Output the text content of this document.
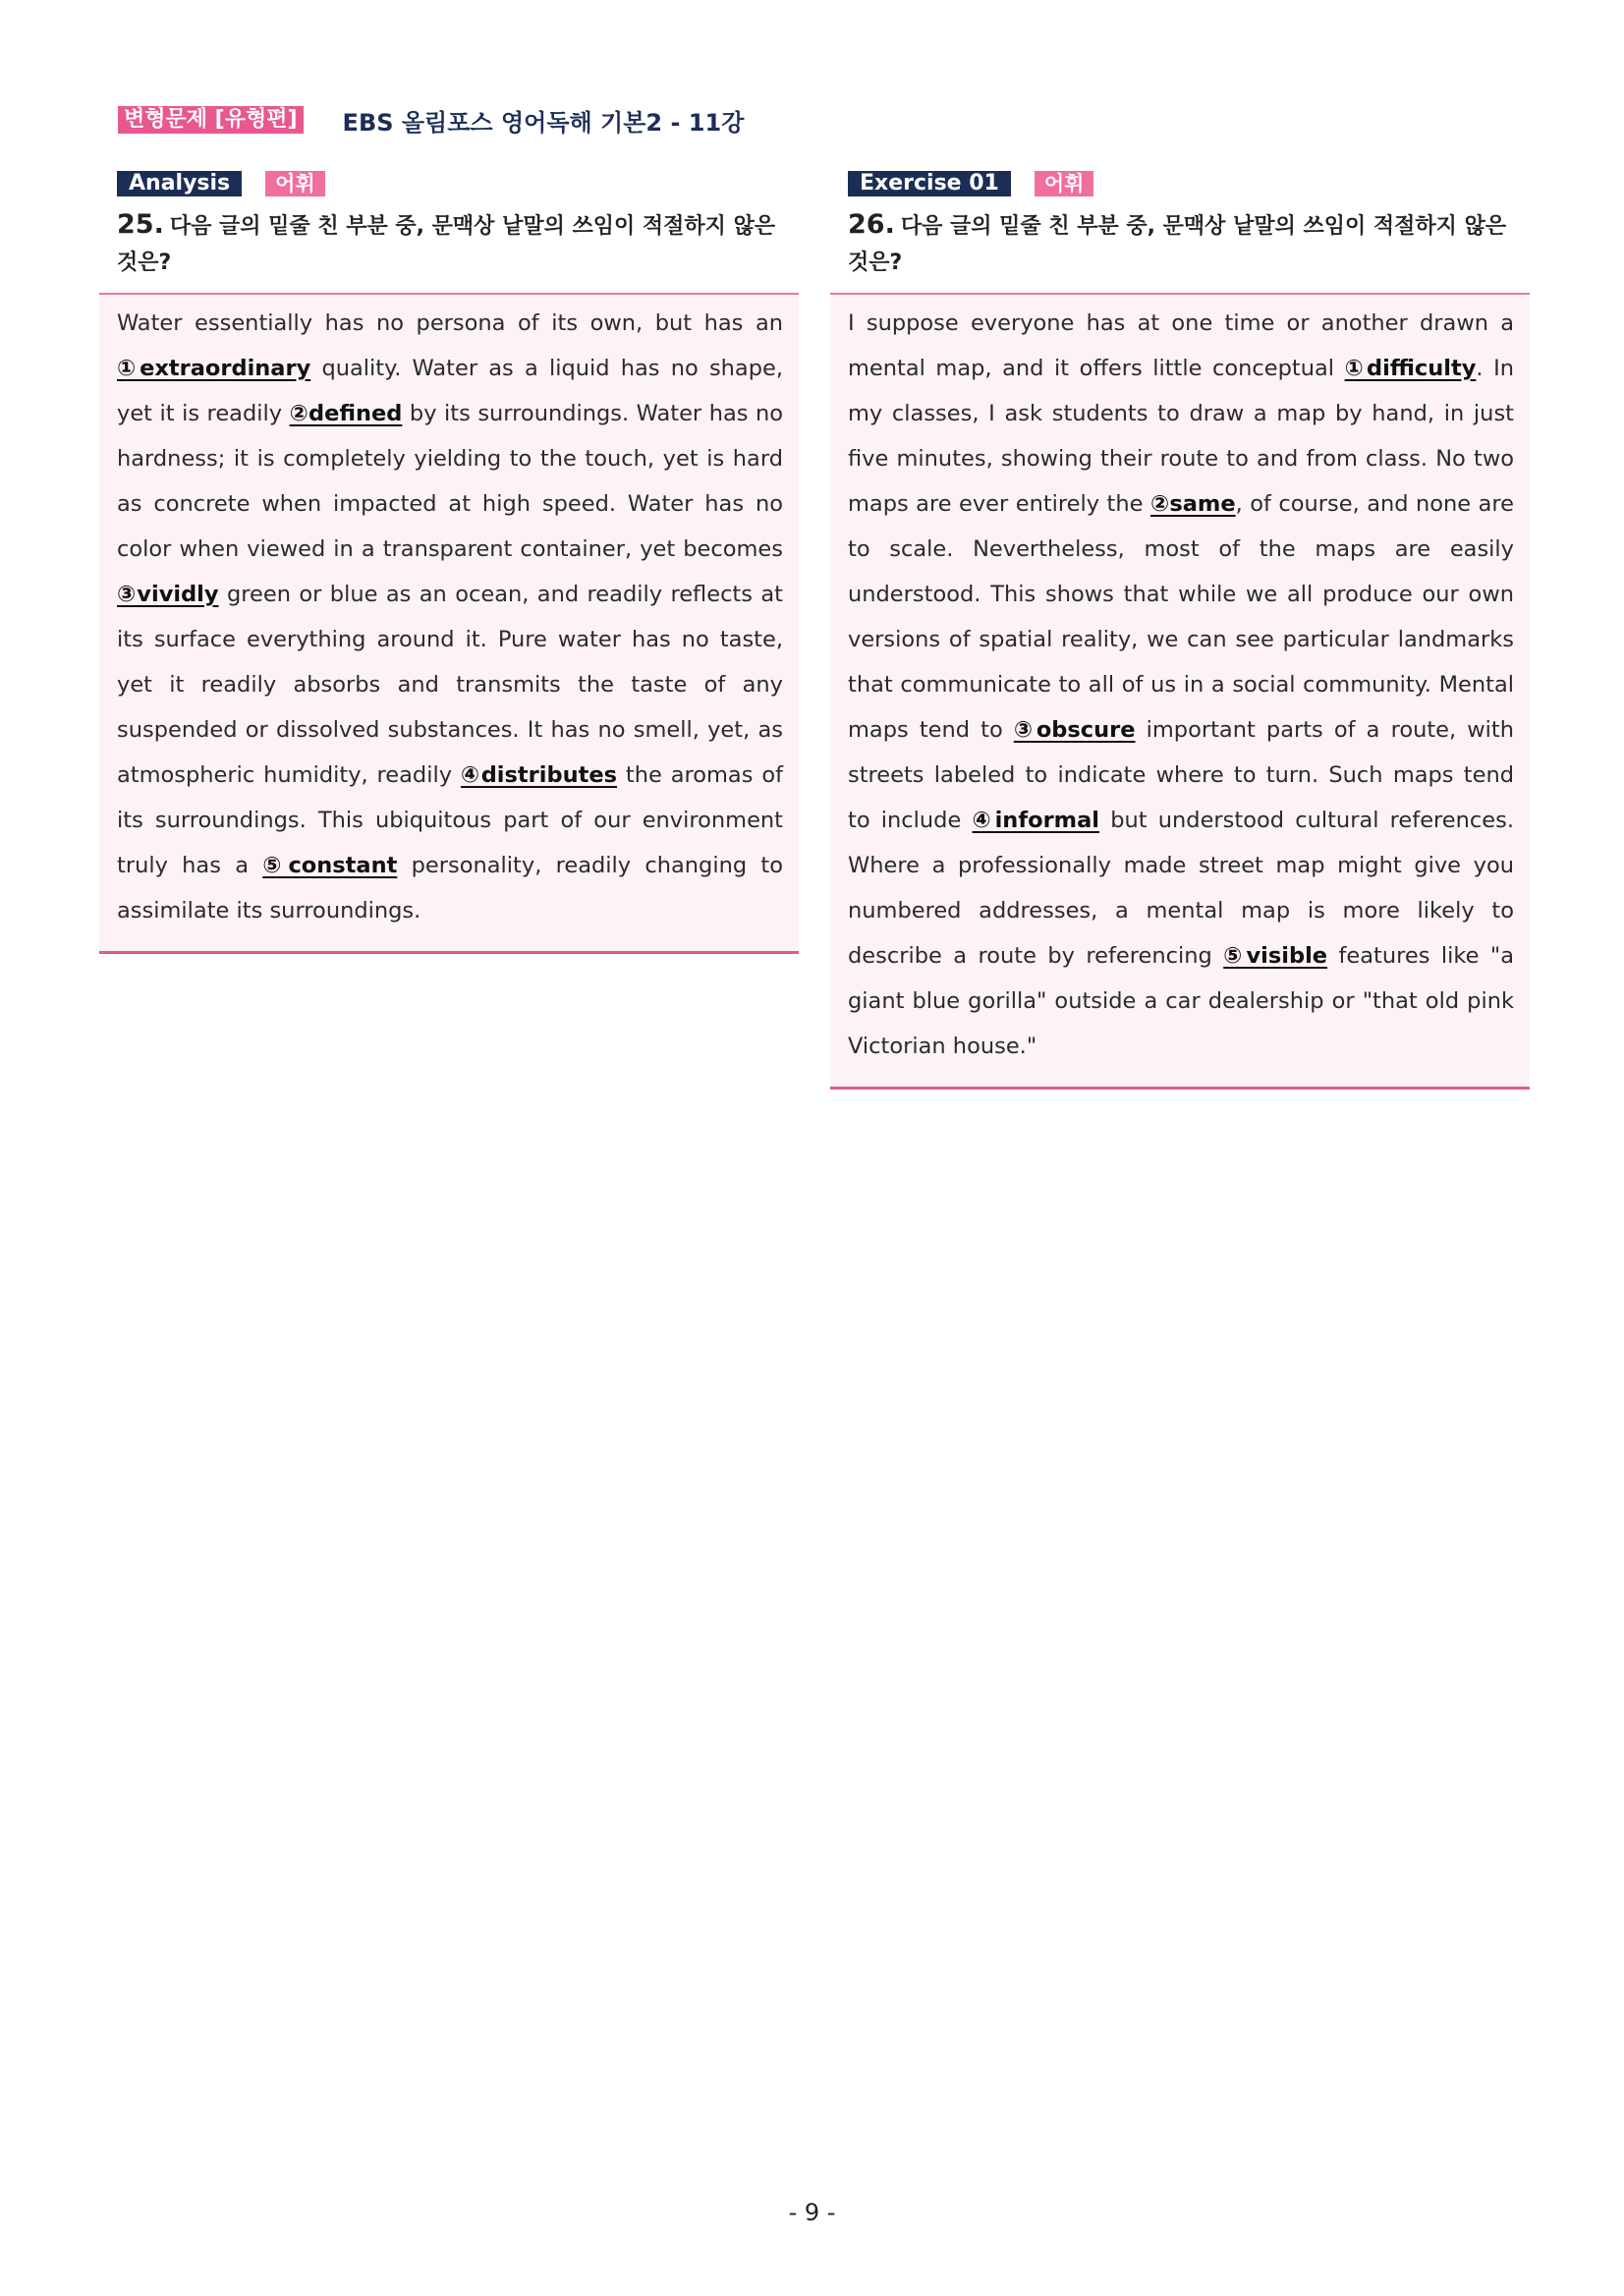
변형문제 [유형편] EBS 올림포스 영어독해 기본2 - 11강
Analysis	어휘
25. 다음 글의 밑줄 친 부분 중, 문맥상 낱말의 쓰임이 적절하지 않은 것은?

Water essentially has no persona of its own, but has an ①extraordinary quality. Water as a liquid has no shape, yet it is readily ②defined by its surroundings. Water has no hardness; it is completely yielding to the touch, yet is hard as concrete when impacted at high speed. Water has no color when viewed in a transparent container, yet becomes ③vividly green or blue as an ocean, and readily reflects at its surface everything around it. Pure water has no taste, yet it readily absorbs and transmits the taste of any suspended or dissolved substances. It has no smell, yet, as atmospheric humidity, readily ④distributes the aromas of its surroundings. This ubiquitous part of our environment truly has a ⑤constant personality, readily changing to assimilate its surroundings.

Exercise 01	어휘
26. 다음 글의 밑줄 친 부분 중, 문맥상 낱말의 쓰임이 적절하지 않은 것은?

I suppose everyone has at one time or another drawn a mental map, and it offers little conceptual ①difficulty. In my classes, I ask students to draw a map by hand, in just five minutes, showing their route to and from class. No two maps are ever entirely the ②same, of course, and none are to scale. Nevertheless, most of the maps are easily understood. This shows that while we all produce our own versions of spatial reality, we can see particular landmarks that communicate to all of us in a social community. Mental maps tend to ③obscure important parts of a route, with streets labeled to indicate where to turn. Such maps tend to include ④informal but understood cultural references. Where a professionally made street map might give you numbered addresses, a mental map is more likely to describe a route by referencing ⑤visible features like "a giant blue gorilla" outside a car dealership or "that old pink Victorian house."

- 9 -
